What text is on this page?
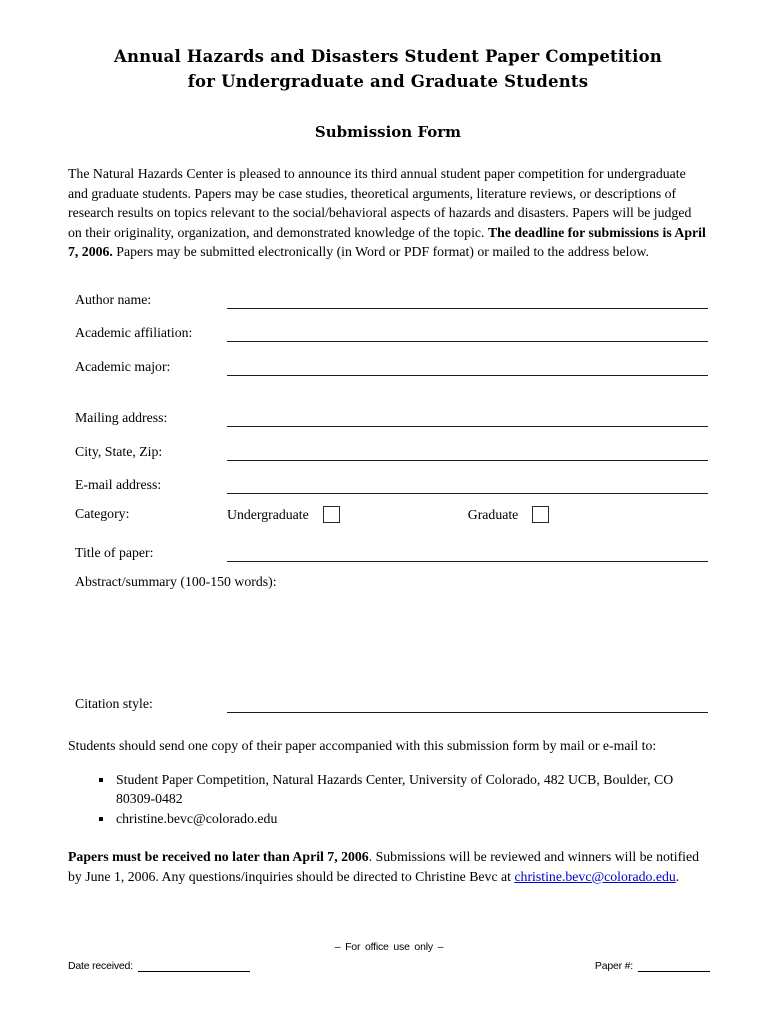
Annual Hazards and Disasters Student Paper Competition
for Undergraduate and Graduate Students
Submission Form

The Natural Hazards Center is pleased to announce its third annual student paper competition for undergraduate and graduate students. Papers may be case studies, theoretical arguments, literature reviews, or descriptions of research results on topics relevant to the social/behavioral aspects of hazards and disasters. Papers will be judged on their originality, organization, and demonstrated knowledge of the topic. The deadline for submissions is April 7, 2006. Papers may be submitted electronically (in Word or PDF format) or mailed to the address below.

Author name:
Academic affiliation:
Academic major:
Mailing address:
City, State, Zip:
E-mail address:
Category:	Undergraduate	Graduate
Title of paper:
Abstract/summary (100-150 words):
Citation style:

Students should send one copy of their paper accompanied with this submission form by mail or e-mail to:

▪ Student Paper Competition, Natural Hazards Center, University of Colorado, 482 UCB, Boulder, CO 80309-0482
▪ christine.bevc@colorado.edu

Papers must be received no later than April 7, 2006. Submissions will be reviewed and winners will be notified by June 1, 2006. Any questions/inquiries should be directed to Christine Bevc at christine.bevc@colorado.edu.

– For office use only –
Date received:	Paper #:
